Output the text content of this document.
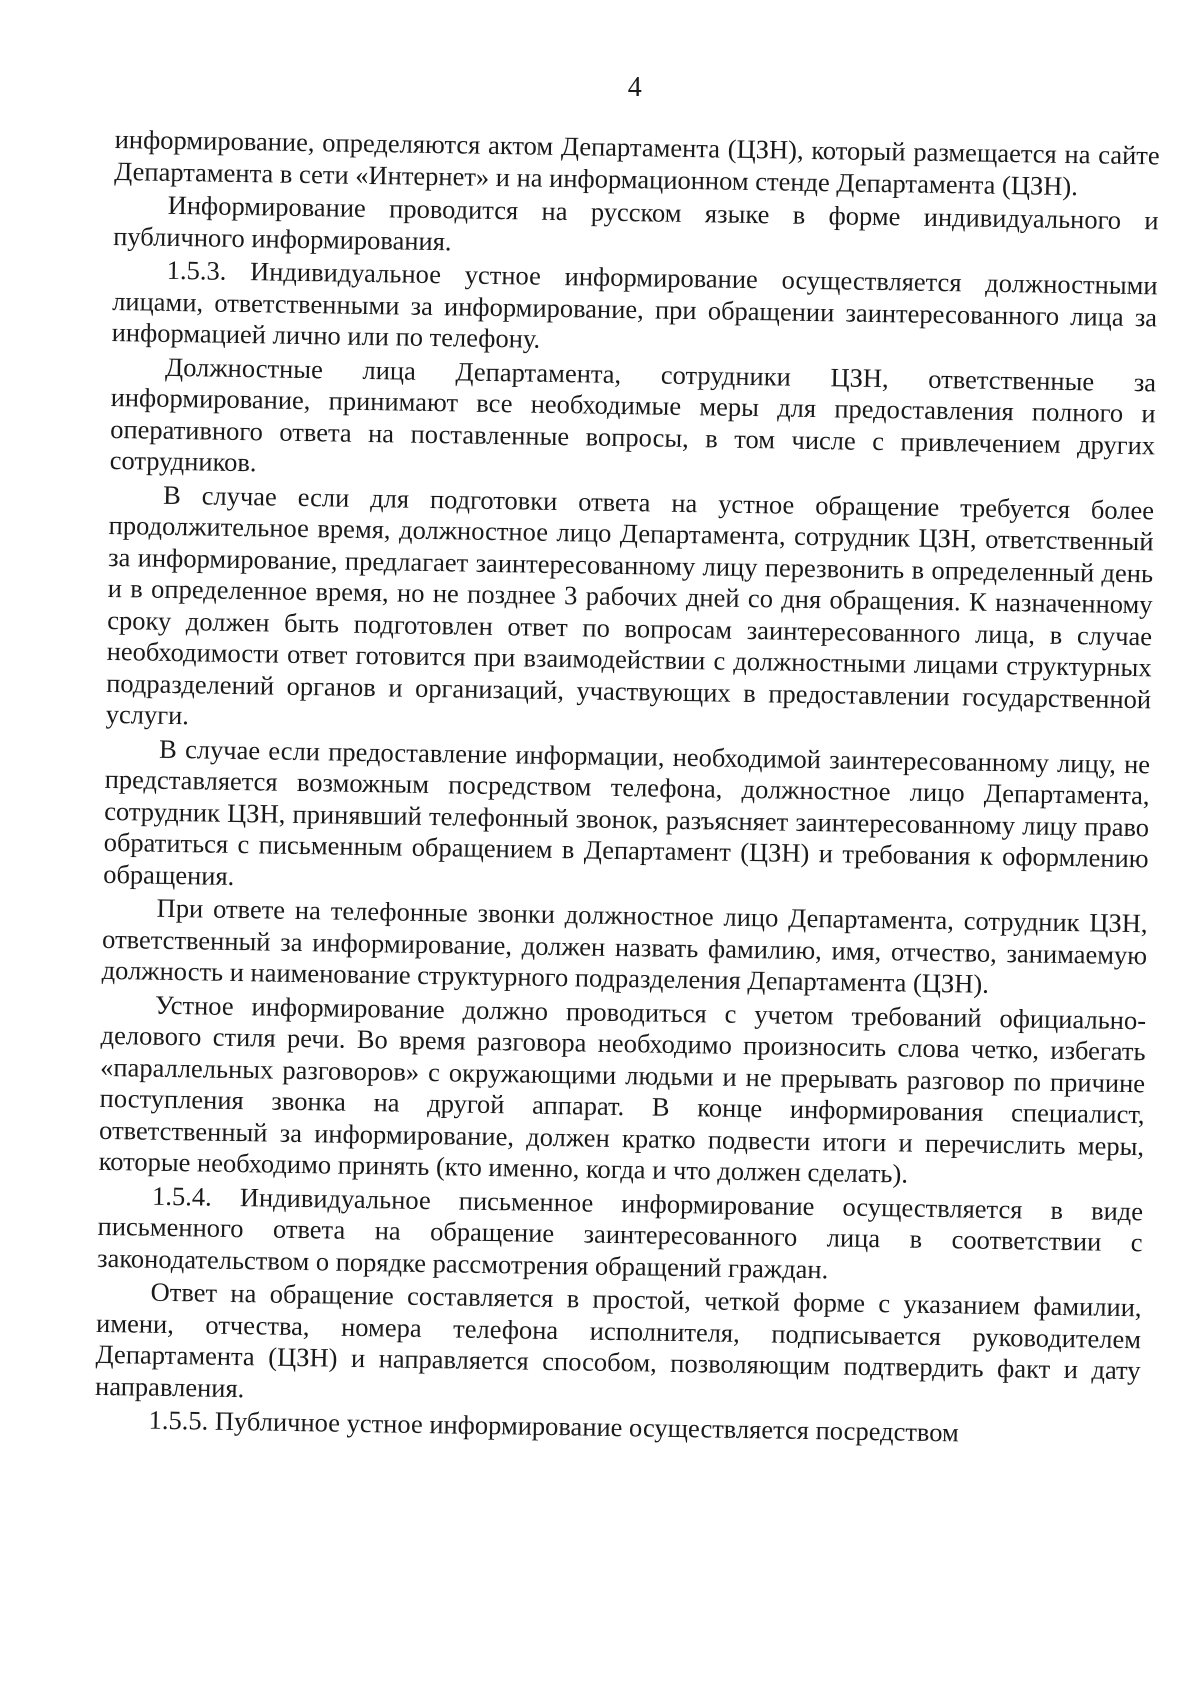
4

информирование, определяются актом Департамента (ЦЗН), который размещается на сайте Департамента в сети «Интернет» и на информационном стенде Департамента (ЦЗН).

Информирование проводится на русском языке в форме индивидуального и публичного информирования.

1.5.3. Индивидуальное устное информирование осуществляется должностными лицами, ответственными за информирование, при обращении заинтересованного лица за информацией лично или по телефону.

Должностные лица Департамента, сотрудники ЦЗН, ответственные за информирование, принимают все необходимые меры для предоставления полного и оперативного ответа на поставленные вопросы, в том числе с привлечением других сотрудников.

В случае если для подготовки ответа на устное обращение требуется более продолжительное время, должностное лицо Департамента, сотрудник ЦЗН, ответственный за информирование, предлагает заинтересованному лицу перезвонить в определенный день и в определенное время, но не позднее 3 рабочих дней со дня обращения. К назначенному сроку должен быть подготовлен ответ по вопросам заинтересованного лица, в случае необходимости ответ готовится при взаимодействии с должностными лицами структурных подразделений органов и организаций, участвующих в предоставлении государственной услуги.

В случае если предоставление информации, необходимой заинтересованному лицу, не представляется возможным посредством телефона, должностное лицо Департамента, сотрудник ЦЗН, принявший телефонный звонок, разъясняет заинтересованному лицу право обратиться с письменным обращением в Департамент (ЦЗН) и требования к оформлению обращения.

При ответе на телефонные звонки должностное лицо Департамента, сотрудник ЦЗН, ответственный за информирование, должен назвать фамилию, имя, отчество, занимаемую должность и наименование структурного подразделения Департамента (ЦЗН).

Устное информирование должно проводиться с учетом требований официально-делового стиля речи. Во время разговора необходимо произносить слова четко, избегать «параллельных разговоров» с окружающими людьми и не прерывать разговор по причине поступления звонка на другой аппарат. В конце информирования специалист, ответственный за информирование, должен кратко подвести итоги и перечислить меры, которые необходимо принять (кто именно, когда и что должен сделать).

1.5.4. Индивидуальное письменное информирование осуществляется в виде письменного ответа на обращение заинтересованного лица в соответствии с законодательством о порядке рассмотрения обращений граждан.

Ответ на обращение составляется в простой, четкой форме с указанием фамилии, имени, отчества, номера телефона исполнителя, подписывается руководителем Департамента (ЦЗН) и направляется способом, позволяющим подтвердить факт и дату направления.

1.5.5. Публичное устное информирование осуществляется посредством
